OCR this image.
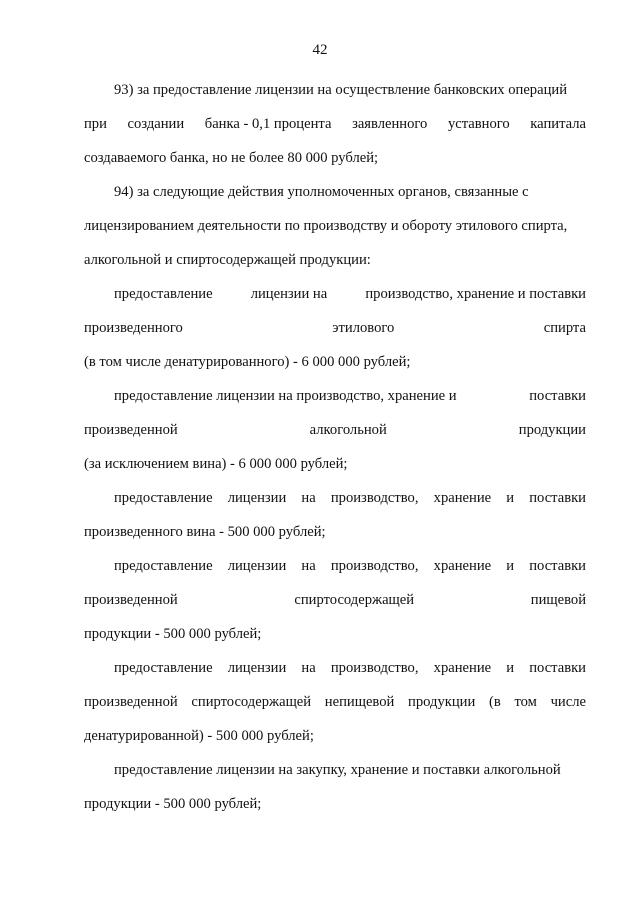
42
93) за предоставление лицензии на осуществление банковских операций
при создании банка - 0,1 процента заявленного уставного капитала
создаваемого банка, но не более 80 000 рублей;
94) за следующие действия уполномоченных органов, связанные с
лицензированием деятельности по производству и обороту этилового спирта,
алкогольной и спиртосодержащей продукции:
предоставление	лицензии на	производство, хранение и поставки
произведенного	этилового	спирта
(в том числе денатурированного) - 6 000 000 рублей;
предоставление лицензии на производство, хранение и	поставки
произведенной	алкогольной	продукции
(за исключением вина) - 6 000 000 рублей;
предоставление лицензии на производство, хранение и поставки
произведенного вина - 500 000 рублей;
предоставление лицензии на производство, хранение и поставки
произведенной	спиртосодержащей	пищевой
продукции - 500 000 рублей;
предоставление лицензии на производство, хранение и поставки
произведенной спиртосодержащей непищевой продукции (в том числе
денатурированной) - 500 000 рублей;
предоставление лицензии на закупку, хранение и поставки алкогольной
продукции - 500 000 рублей;
